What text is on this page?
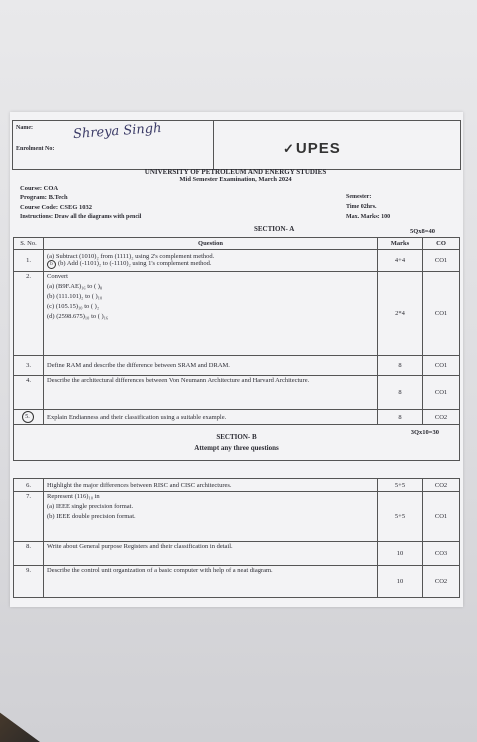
Name:	Shreya Singh
Enrolment No:	✓UPES
UNIVERSITY OF PETROLEUM AND ENERGY STUDIES
Mid Semester Examination, March 2024
Course: COA
Program: B.Tech
Course Code: CSEG 1032
Instructions: Draw all the diagrams with pencil
Semester:
Time 02hrs.
Max. Marks: 100
SECTION- A	5Qx8=40
S. No.	Question	Marks	CO
1.	(a) Subtract (1010)₂ from (1111)₂ using 2's complement method.
b (b) Add (-1101)₂ to (-1110)₂ using 1's complement method.	4+4	CO1
2.	Convert
(a) (B9F.AE)₁₆ to ( )₈
(b) (111.101)₂ to ( )₁₀
(c) (105.15)₁₀ to ( )₂
(d) (2598.675)₁₀ to ( )₁₆	2*4	CO1
3.	Define RAM and describe the difference between SRAM and DRAM.	8	CO1
4.	Describe the architectural differences between Von Neumann Architecture and Harvard Architecture.	8	CO1
5.	Explain Endianness and their classification using a suitable example.	8	CO2

SECTION- B
Attempt any three questions
3Qx10=30			
6.	Highlight the major differences between RISC and CISC architectures.	5+5	CO2
7.	Represent (116)₁₀ in
(a) IEEE single precision format.
(b) IEEE double precision format.	5+5	CO1
8.	Write about General purpose Registers and their classification in detail.	10	CO3
9.	Describe the control unit organization of a basic computer with help of a neat diagram.	10	CO2
